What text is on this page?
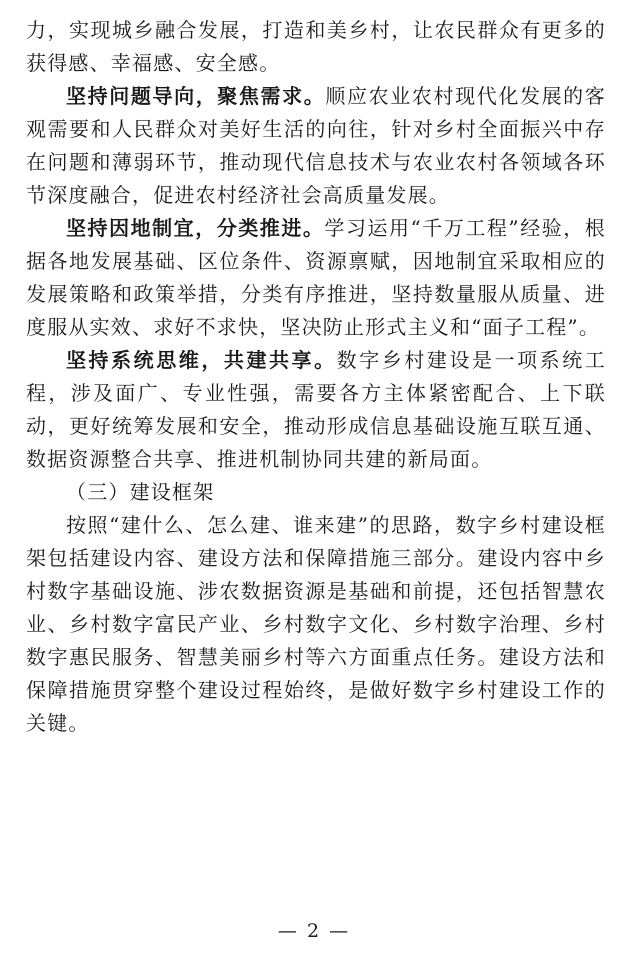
力，实现城乡融合发展，打造和美乡村，让农民群众有更多的获得感、幸福感、安全感。

坚持问题导向，聚焦需求。顺应农业农村现代化发展的客观需要和人民群众对美好生活的向往，针对乡村全面振兴中存在问题和薄弱环节，推动现代信息技术与农业农村各领域各环节深度融合，促进农村经济社会高质量发展。

坚持因地制宜，分类推进。学习运用“千万工程”经验，根据各地发展基础、区位条件、资源禀赋，因地制宜采取相应的发展策略和政策举措，分类有序推进，坚持数量服从质量、进度服从实效、求好不求快，坚决防止形式主义和“面子工程”。

坚持系统思维，共建共享。数字乡村建设是一项系统工程，涉及面广、专业性强，需要各方主体紧密配合、上下联动，更好统筹发展和安全，推动形成信息基础设施互联互通、数据资源整合共享、推进机制协同共建的新局面。

（三）建设框架

按照“建什么、怎么建、谁来建”的思路，数字乡村建设框架包括建设内容、建设方法和保障措施三部分。建设内容中乡村数字基础设施、涉农数据资源是基础和前提，还包括智慧农业、乡村数字富民产业、乡村数字文化、乡村数字治理、乡村数字惠民服务、智慧美丽乡村等六方面重点任务。建设方法和保障措施贯穿整个建设过程始终，是做好数字乡村建设工作的关键。

— 2 —
